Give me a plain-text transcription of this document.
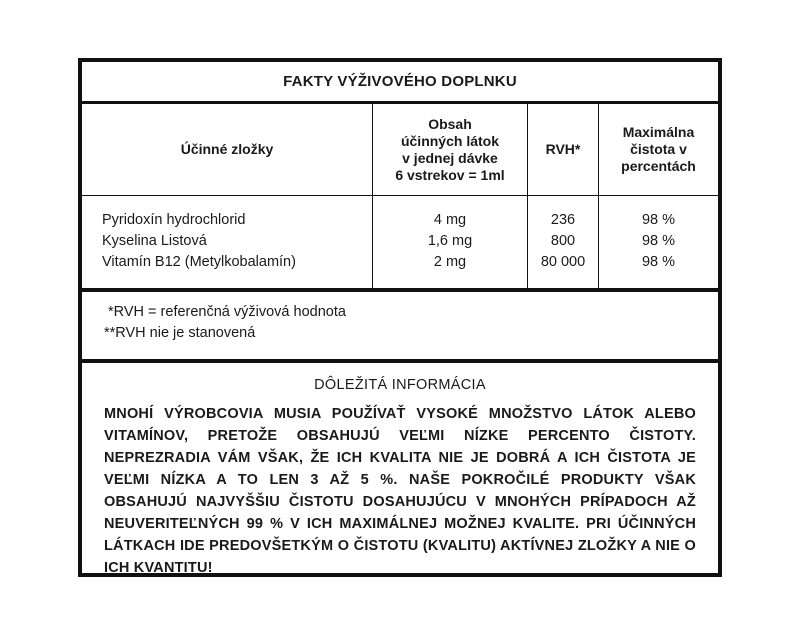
FAKTY VÝŽIVOVÉHO DOPLNKU
Účinné zložky
Obsah
účinných látok
v jednej dávke
6 vstrekov = 1ml
RVH*
Maximálna
čistota v
percentách
Pyridoxín hydrochlorid
Kyselina Listová
Vitamín B12 (Metylkobalamín)
4 mg
1,6 mg
2 mg
236
800
80 000
98 %
98 %
98 %
*RVH = referenčná výživová hodnota
**RVH nie je stanovená
DÔLEŽITÁ INFORMÁCIA
MNOHÍ VÝROBCOVIA MUSIA POUŽÍVAŤ VYSOKÉ MNOŽSTVO LÁTOK ALEBO VITAMÍNOV, PRETOŽE OBSAHUJÚ VEĽMI NÍZKE PERCENTO ČISTOTY. NEPREZRADIA VÁM VŠAK, ŽE ICH KVALITA NIE JE DOBRÁ A ICH ČISTOTA JE VEĽMI NÍZKA A TO LEN 3 AŽ 5 %. NAŠE POKROČILÉ PRODUKTY VŠAK OBSAHUJÚ NAJVYŠŠIU ČISTOTU DOSAHUJÚCU V MNOHÝCH PRÍPADOCH AŽ NEUVERITEĽNÝCH 99 % V ICH MAXIMÁLNEJ MOŽNEJ KVALITE. PRI ÚČINNÝCH LÁTKACH IDE PREDOVŠETKÝM O ČISTOTU (KVALITU) AKTÍVNEJ ZLOŽKY A NIE O ICH KVANTITU!
